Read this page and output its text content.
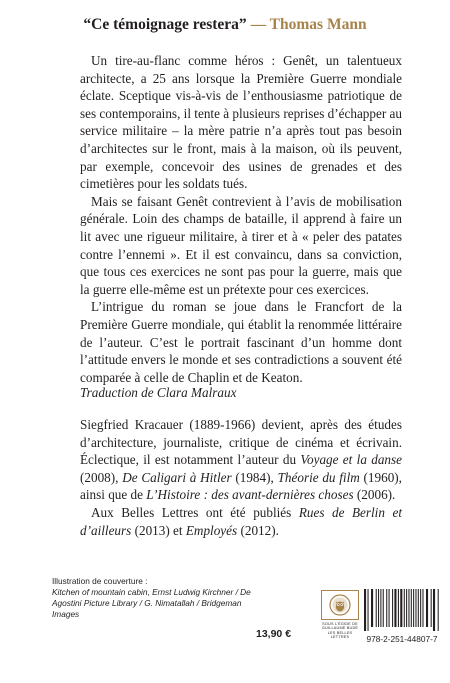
“Ce témoignage restera” — Thomas Mann

Un tire-au-flanc comme héros : Genêt, un talentueux architecte, a 25 ans lorsque la Première Guerre mondiale éclate. Sceptique vis-à-vis de l’enthousiasme patriotique de ses contemporains, il tente à plusieurs reprises d’échapper au service militaire – la mère patrie n’a après tout pas besoin d’architectes sur le front, mais à la maison, où ils peuvent, par exemple, concevoir des usines de grenades et des cimetières pour les soldats tués.

Mais se faisant Genêt contrevient à l’avis de mobilisation générale. Loin des champs de bataille, il apprend à faire un lit avec une rigueur militaire, à tirer et à « peler des patates contre l’ennemi ». Et il est convaincu, dans sa conviction, que tous ces exercices ne sont pas pour la guerre, mais que la guerre elle-même est un prétexte pour ces exercices.

L’intrigue du roman se joue dans le Francfort de la Première Guerre mondiale, qui établit la renommée littéraire de l’auteur. C’est le portrait fascinant d’un homme dont l’attitude envers le monde et ses contradictions a souvent été comparée à celle de Chaplin et de Keaton.

Traduction de Clara Malraux

Siegfried Kracauer (1889-1966) devient, après des études d’architecture, journaliste, critique de cinéma et écrivain. Éclectique, il est notamment l’auteur du Voyage et la danse (2008), De Caligari à Hitler (1984), Théorie du film (1960), ainsi que de L’Histoire : des avant-dernières choses (2006).

Aux Belles Lettres ont été publiés Rues de Berlin et d’ailleurs (2013) et Employés (2012).

Illustration de couverture :
Kitchen of mountain cabin, Ernst Ludwig Kirchner / De Agostini Picture Library / G. Nimatallah / Bridgeman Images
13,90 €
SOUS L’ÉGIDE DE
GUILLAUME BUDÉ
LES BELLES LETTRES	978-2-251-44807-7
